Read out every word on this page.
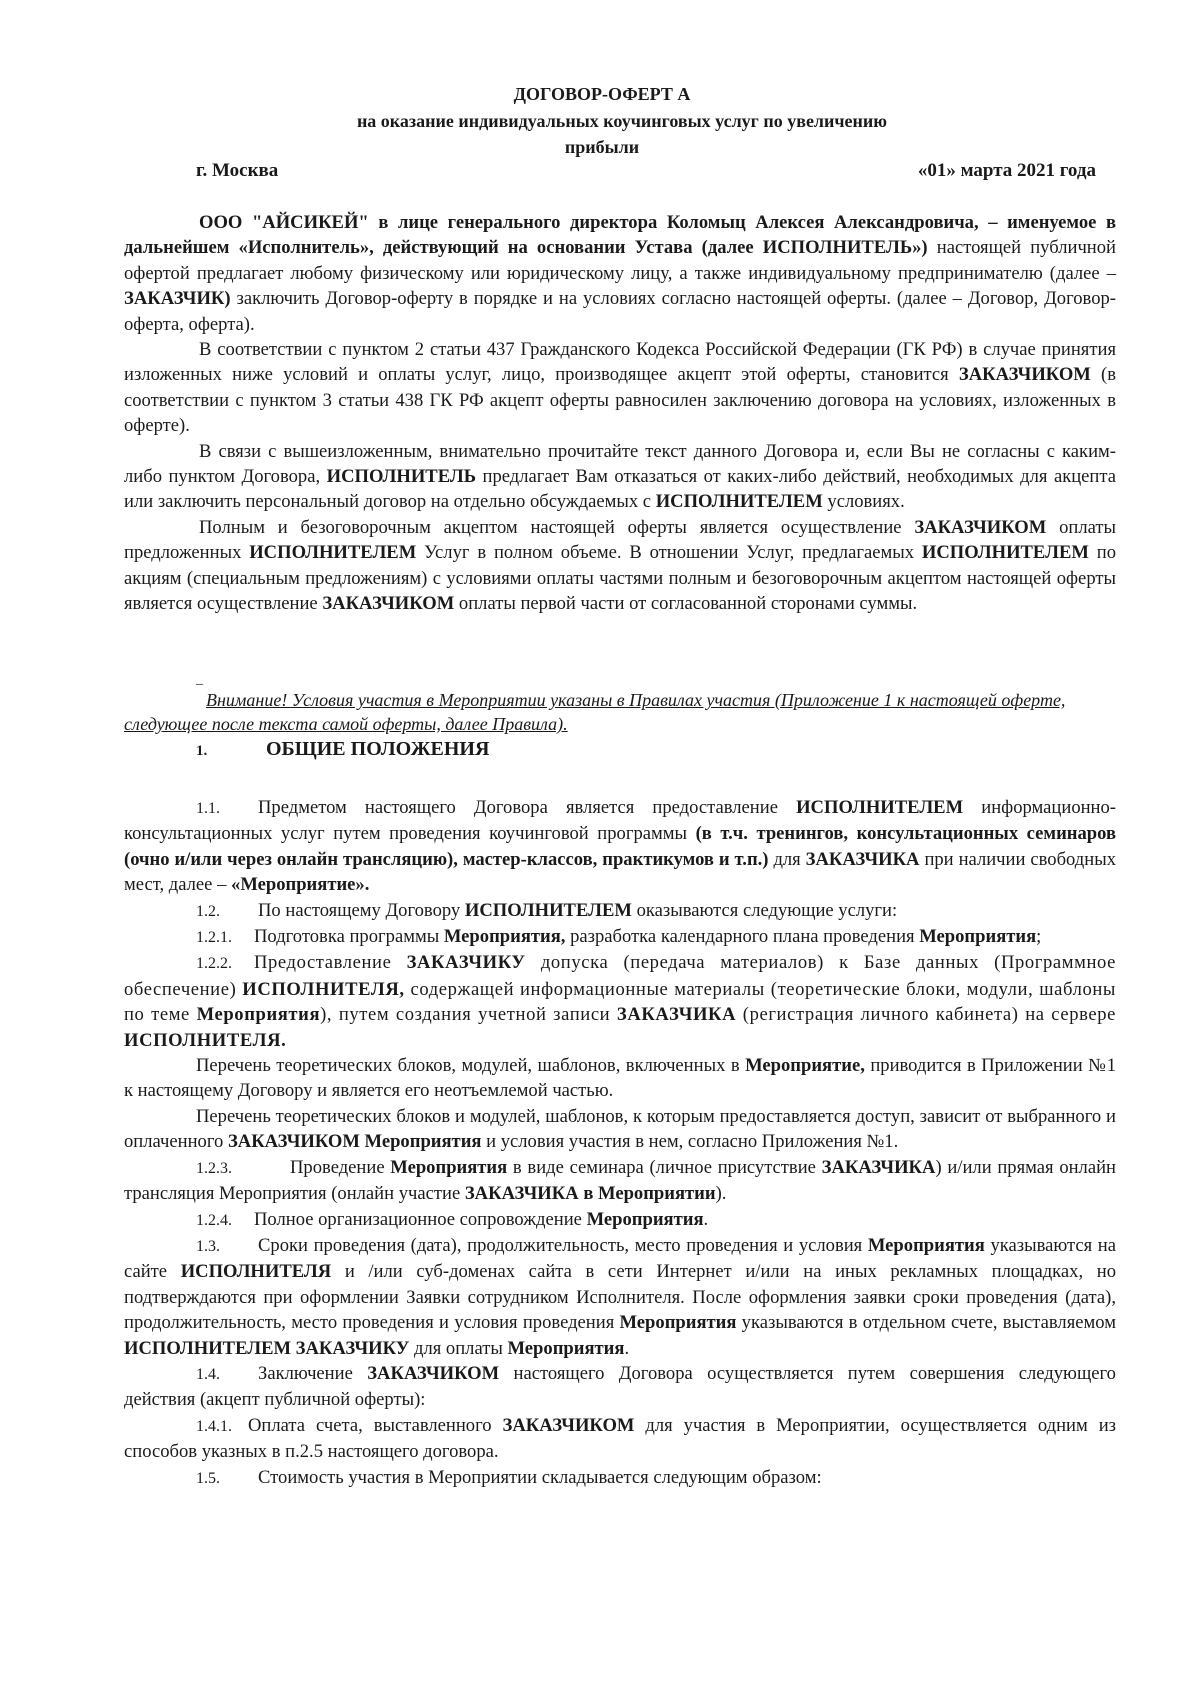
ДОГОВОР-ОФЕРТ А
на оказание индивидуальных коучинговых услуг по увеличению
прибыли
г. Москва	«01» марта 2021 года

ООО "АЙСИКЕЙ" в лице генерального директора Коломыц Алексея Александровича, – именуемое в дальнейшем «Исполнитель», действующий на основании Устава (далее ИСПОЛНИТЕЛЬ») настоящей публичной офертой предлагает любому физическому или юридическому лицу, а также индивидуальному предпринимателю (далее – ЗАКАЗЧИК) заключить Договор-оферту в порядке и на условиях согласно настоящей оферты. (далее – Договор, Договор-оферта, оферта).

В соответствии с пунктом 2 статьи 437 Гражданского Кодекса Российской Федерации (ГК РФ) в случае принятия изложенных ниже условий и оплаты услуг, лицо, производящее акцепт этой оферты, становится ЗАКАЗЧИКОМ (в соответствии с пунктом 3 статьи 438 ГК РФ акцепт оферты равносилен заключению договора на условиях, изложенных в оферте).

В связи с вышеизложенным, внимательно прочитайте текст данного Договора и, если Вы не согласны с каким-либо пунктом Договора, ИСПОЛНИТЕЛЬ предлагает Вам отказаться от каких-либо действий, необходимых для акцепта или заключить персональный договор на отдельно обсуждаемых с ИСПОЛНИТЕЛЕМ условиях.

Полным и безоговорочным акцептом настоящей оферты является осуществление ЗАКАЗЧИКОМ оплаты предложенных ИСПОЛНИТЕЛЕМ Услуг в полном объеме. В отношении Услуг, предлагаемых ИСПОЛНИТЕЛЕМ по акциям (специальным предложениям) с условиями оплаты частями полным и безоговорочным акцептом настоящей оферты является осуществление ЗАКАЗЧИКОМ оплаты первой части от согласованной сторонами суммы.

_
Внимание! Условия участия в Мероприятии указаны в Правилах участия (Приложение 1 к настоящей оферте, следующее после текста самой оферты, далее Правила).
1.	ОБЩИЕ ПОЛОЖЕНИЯ

1.1. Предметом настоящего Договора является предоставление ИСПОЛНИТЕЛЕМ информационно-консультационных услуг путем проведения коучинговой программы (в т.ч. тренингов, консультационных семинаров (очно и/или через онлайн трансляцию), мастер-классов, практикумов и т.п.) для ЗАКАЗЧИКА при наличии свободных мест, далее – «Мероприятие».

1.2. По настоящему Договору ИСПОЛНИТЕЛЕМ оказываются следующие услуги:

1.2.1. Подготовка программы Мероприятия, разработка календарного плана проведения Мероприятия;

1.2.2. Предоставление ЗАКАЗЧИКУ допуска (передача материалов) к Базе данных (Программное обеспечение) ИСПОЛНИТЕЛЯ, содержащей информационные материалы (теоретические блоки, модули, шаблоны по теме Мероприятия), путем создания учетной записи ЗАКАЗЧИКА (регистрация личного кабинета) на сервере ИСПОЛНИТЕЛЯ.

Перечень теоретических блоков, модулей, шаблонов, включенных в Мероприятие, приводится в Приложении №1 к настоящему Договору и является его неотъемлемой частью.

Перечень теоретических блоков и модулей, шаблонов, к которым предоставляется доступ, зависит от выбранного и оплаченного ЗАКАЗЧИКОМ Мероприятия и условия участия в нем, согласно Приложения №1.

1.2.3.	Проведение Мероприятия в виде семинара (личное присутствие ЗАКАЗЧИКА) и/или прямая онлайн трансляция Мероприятия (онлайн участие ЗАКАЗЧИКА в Мероприятии).

1.2.4. Полное организационное сопровождение Мероприятия.

1.3. Сроки проведения (дата), продолжительность, место проведения и условия Мероприятия указываются на сайте ИСПОЛНИТЕЛЯ и /или суб-доменах сайта в сети Интернет и/или на иных рекламных площадках, но подтверждаются при оформлении Заявки сотрудником Исполнителя. После оформления заявки сроки проведения (дата), продолжительность, место проведения и условия проведения Мероприятия указываются в отдельном счете, выставляемом ИСПОЛНИТЕЛЕМ ЗАКАЗЧИКУ для оплаты Мероприятия.

1.4. Заключение ЗАКАЗЧИКОМ настоящего Договора осуществляется путем совершения следующего действия (акцепт публичной оферты):

1.4.1. Оплата счета, выставленного ЗАКАЗЧИКОМ для участия в Мероприятии, осуществляется одним из способов указных в п.2.5 настоящего договора.

1.5. Стоимость участия в Мероприятии складывается следующим образом:
